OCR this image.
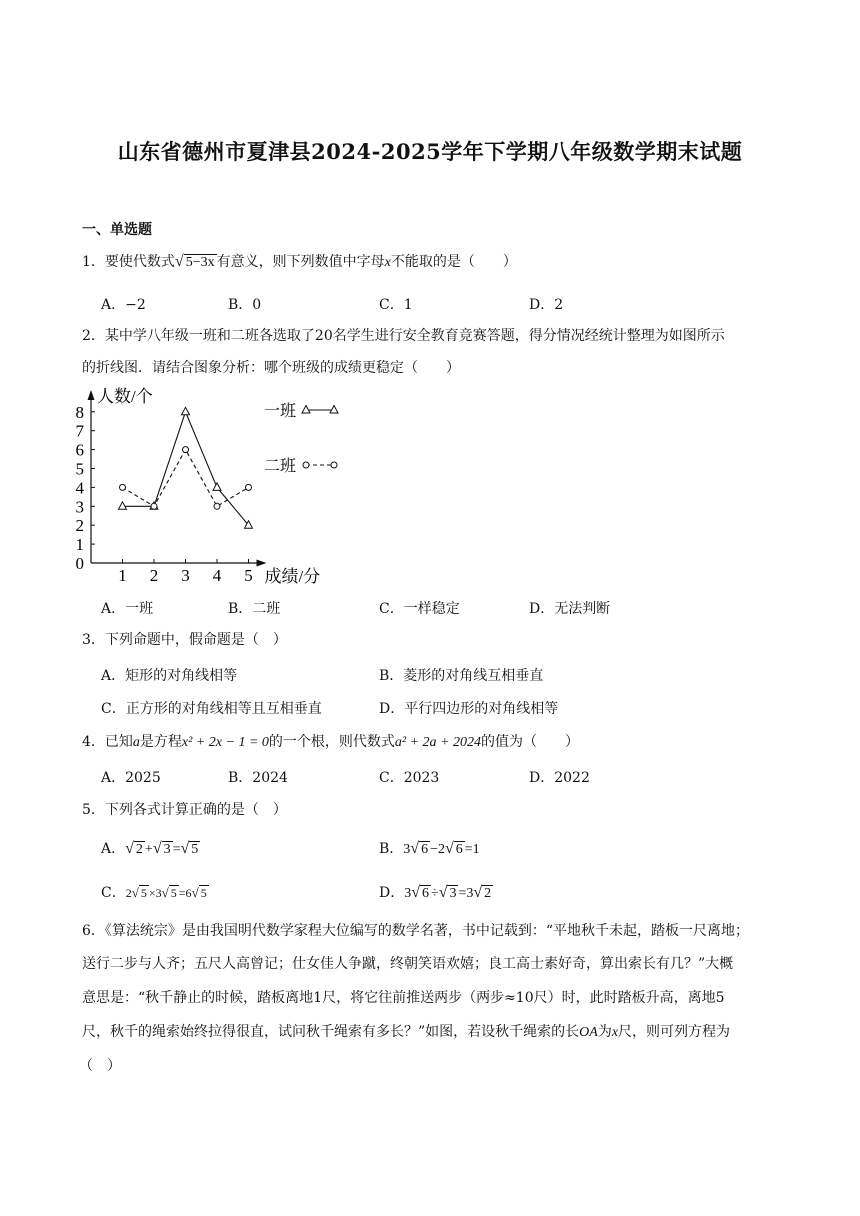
山东省德州市夏津县2024-2025学年下学期八年级数学期末试题
一、单选题
1．要使代数式√ 5−3x 有意义，则下列数值中字母x不能取的是（　　）
A．−2	B．0	C．1	D．2
2．某中学八年级一班和二班各选取了20名学生进行安全教育竞赛答题，得分情况经统计整理为如图所示
的折线图．请结合图象分析：哪个班级的成绩更稳定（　　）
人数/个
成绩/分
0
1
2
3
4
5
6
7
8
1 2 3 4 5
一班
二班
A．一班	B．二班	C．一样稳定	D．无法判断
3．下列命题中，假命题是（　）
A．矩形的对角线相等	B．菱形的对角线互相垂直
C．正方形的对角线相等且互相垂直	D．平行四边形的对角线相等
4．已知a是方程x² + 2x − 1 = 0的一个根，则代数式a² + 2a + 2024的值为（　　）
A．2025	B．2024	C．2023	D．2022
5．下列各式计算正确的是（　）
A．√ 2 +√ 3 =√ 5	B．3√ 6 −2√ 6 =1
C．2√ 5 ×3√ 5 =6√ 5	D．3√ 6 ÷√ 3 =3√ 2
6．《算法统宗》是由我国明代数学家程大位编写的数学名著，书中记载到：“平地秋千未起，踏板一尺离地；
送行二步与人齐；五尺人高曾记；仕女佳人争蹴，终朝笑语欢嬉；良工高士素好奇，算出索长有几？”大概
意思是：“秋千静止的时候，踏板离地1尺，将它往前推送两步（两步≈10尺）时，此时踏板升高，离地5
尺，秋千的绳索始终拉得很直，试问秋千绳索有多长？”如图，若设秋千绳索的长OA为x尺，则可列方程为
（　）
